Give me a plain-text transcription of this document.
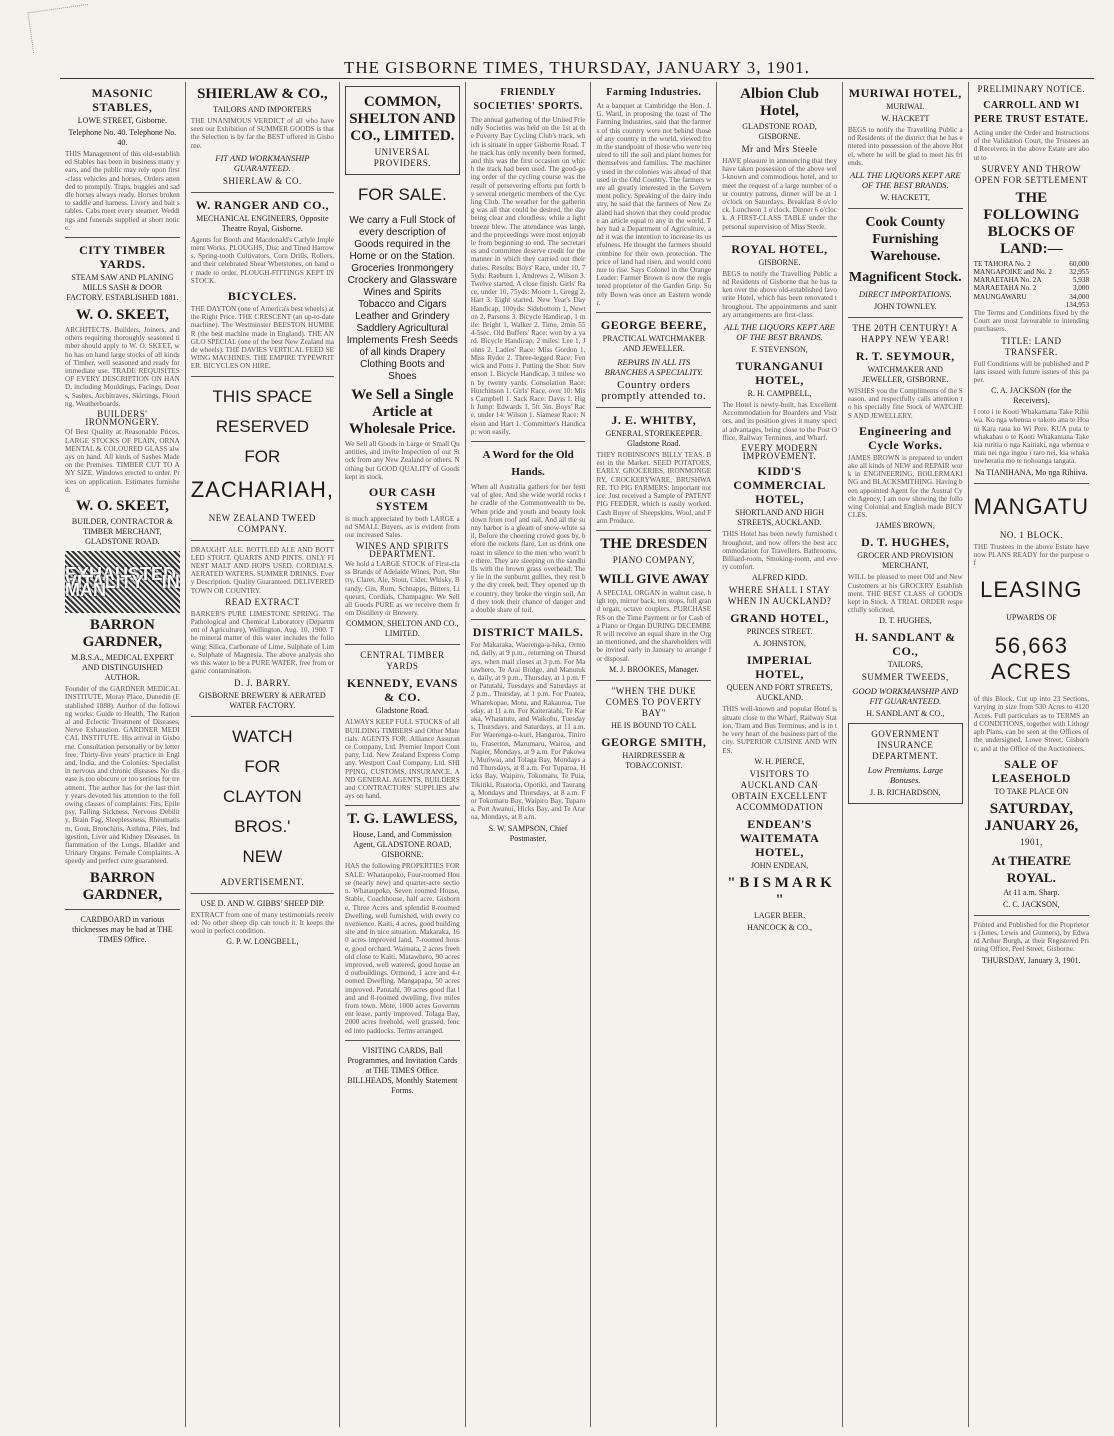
THE GISBORNE TIMES, THURSDAY, JANUARY 3, 1901.
MASONIC STABLES,
LOWE STREET, Gisborne.
Telephone No. 40. Telephone No. 40.
THIS Management of this old-established Stables has been in business many years, and the public may rely upon first-class vehicles and horses. Orders attended to promptly. Traps, buggies and saddle horses always ready. Horses broken to saddle and harness. Livery and bait stables. Cabs meet every steamer. Weddings and funerals supplied at short notice.
CITY TIMBER YARDS.
STEAM SAW AND PLANING MILLS SASH & DOOR FACTORY. ESTABLISHED 1881.
W. O. SKEET,
ARCHITECTS, Builders, Joiners, and others requiring thoroughly seasoned timber should apply to W. O. SKEET, who has on hand large stocks of all kinds of Timber, well seasoned and ready for immediate use. TRADE REQUISITES OF EVERY DESCRIPTION ON HAND, including Mouldings, Facings, Doors, Sashes, Architraves, Skirtings, Flooring, Weatherboards.
BUILDERS' IRONMONGERY.
Of Best Quality at Reasonable Prices. LARGE STOCKS OF PLAIN, ORNAMENTAL & COLOURED GLASS always on hand. All kinds of Sashes Made on the Premises. TIMBER CUT TO ANY SIZE. Windows erected to order. Prices on application. Estimates furnished.
W. O. SKEET,
BUILDER, CONTRACTOR & TIMBER MERCHANT, GLADSTONE ROAD.
EXHAUSTED VITALITY IN MAN
BARRON GARDNER,
M.B.S.A., MEDICAL EXPERT AND DISTINGUISHED AUTHOR.
Founder of the GARDNER MEDICAL INSTITUTE, Moray Place, Dunedin (Established 1888). Author of the following works: Guide to Health, The Rational and Eclectic Treatment of Diseases, Nerve Exhaustion. GARDNER MEDICAL INSTITUTE. His arrival in Gisborne. Consultation personally or by letter free. Thirty-five years' practice in England, India, and the Colonies. Specialist in nervous and chronic diseases. No disease is too obscure or too serious for treatment. The author has for the last thirty years devoted his attention to the following classes of complaints: Fits, Epilepsy, Falling Sickness, Nervous Debility, Brain Fag, Sleeplessness, Rheumatism, Gout, Bronchitis, Asthma, Piles, Indigestion, Liver and Kidney Diseases. Inflammation of the Lungs, Bladder and Urinary Organs. Female Complaints. A speedy and perfect cure guaranteed.
BARRON GARDNER,
CARDBOARD in various thicknesses may be had at THE TIMES Office.
SHIERLAW & CO.,
TAILORS AND IMPORTERS
THE UNANIMOUS VERDICT of all who have seen our Exhibition of SUMMER GOODS is that the Selection is by far the BEST offered in Gisborne.
FIT AND WORKMANSHIP GUARANTEED.
SHIERLAW & CO.
W. RANGER AND CO.,
MECHANICAL ENGINEERS, Opposite Theatre Royal, Gisborne.
Agents for Booth and Macdonald's Carlyle Implement Works. PLOUGHS, Disc and Tined Harrows, Spring-tooth Cultivators, Corn Drills, Rollers, and their celebrated Shear Whetstones, on hand or made to order. PLOUGH-FITTINGS KEPT IN STOCK.
BICYCLES.
THE DAYTON (one of America's best wheels) at the Right Price. THE CRESCENT (an up-to-date machine). The Westminster BEESTON HUMBER (the best machine made in England). THE ANGLO SPECIAL (one of the best New Zealand made wheels). THE DAVIES VERTICAL FEED SEWING MACHINES. THE EMPIRE TYPEWRITER. BICYCLES ON HIRE.
THIS SPACE
RESERVED
FOR
ZACHARIAH,
NEW ZEALAND TWEED COMPANY.
DRAUGHT ALE. BOTTLED ALE AND BOTTLED STOUT. QUARTS AND PINTS. ONLY FINEST MALT AND HOPS USED. CORDIALS. AERATED WATERS. SUMMER DRINKS. Every Description. Quality Guaranteed. DELIVERED TOWN OR COUNTRY.
READ EXTRACT
BARKER'S PURE LIMESTONE SPRING. The Pathological and Chemical Laboratory (Department of Agriculture), Wellington, Aug. 10, 1900. The mineral matter of this water includes the following: Silica, Carbonate of Lime, Sulphate of Lime, Sulphate of Magnesia. The above analysis shows this water to be a PURE WATER, free from organic contamination.
D. J. BARRY.
GISBORNE BREWERY & AERATED WATER FACTORY.
WATCH
FOR
CLAYTON
BROS.'
NEW
ADVERTISEMENT.
USE D. AND W. GIBBS' SHEEP DIP.
EXTRACT from one of many testimonials received: No other sheep dip can touch it. It keeps the wool in perfect condition.
G. P. W. LONGBELL,
COMMON, SHELTON AND CO., LIMITED.
UNIVERSAL PROVIDERS.
FOR SALE.
We carry a Full Stock of every description of Goods required in the Home or on the Station. Groceries Ironmongery Crockery and Glassware Wines and Spirits Tobacco and Cigars Leather and Grindery Saddlery Agricultural Implements Fresh Seeds of all kinds Drapery Clothing Boots and Shoes
We Sell a Single Article at Wholesale Price.
We Sell all Goods in Large or Small Quantities, and invite Inspection of our Stock from any New Zealand or others. Nothing but GOOD QUALITY of Goods kept in stock.
OUR CASH SYSTEM
is much appreciated by both LARGE and SMALL Buyers, as is evident from our increased Sales.
WINES AND SPIRITS DEPARTMENT.
We hold a LARGE STOCK of First-class Brands of Adelaide Wines, Port, Sherry, Claret, Ale, Stout, Cider, Whisky, Brandy, Gin, Rum, Schnapps, Bitters, Liqueurs, Cordials, Champagne. We Sell all Goods PURE as we receive them from Distillery or Brewery.
COMMON, SHELTON AND CO., LIMITED.
CENTRAL TIMBER YARDS
KENNEDY, EVANS & CO.
Gladstone Road.
ALWAYS KEEP FULL STOCKS of all BUILDING TIMBERS and Other Materials. AGENTS FOR: Alliance Assurance Company, Ltd. Premier Import Company, Ltd. New Zealand Express Company. Westport Coal Company, Ltd. SHIPPING, CUSTOMS, INSURANCE, AND GENERAL AGENTS. BUILDERS and CONTRACTORS' SUPPLIES always on hand.
T. G. LAWLESS,
House, Land, and Commission Agent, GLADSTONE ROAD, GISBORNE.
HAS the following PROPERTIES FOR SALE: Whataupoko, Four-roomed House (nearly new) and quarter-acre section. Whataupoko, Seven roomed House, Stable, Coachhouse, half acre. Gisborne, Three Acres and splendid 8-roomed Dwelling, well furnished, with every convenience. Kaiti, 4 acres, good building site and in nice situation. Makaraka, 160 acres improved land, 7-roomed house, good orchard. Waimata, 2 acres freehold close to Kaiti. Matawhero, 90 acres improved, well watered, good house and outbuildings. Ormond, 1 acre and 4-roomed Dwelling. Mangapapa, 50 acres improved. Patutahi, 30 acres good flat land and 8-roomed dwelling, five miles from town. Mote, 1000 acres Government lease, partly improved. Tolaga Bay, 2000 acres freehold, well grassed, fenced into paddocks. Terms arranged.
VISITING CARDS, Ball Programmes, and Invitation Cards at THE TIMES Office. BILLHEADS, Monthly Statement Forms.
FRIENDLY SOCIETIES' SPORTS.
The annual gathering of the United Friendly Societies was held on the 1st at the Poverty Bay Cycling Club's track, which is situate in upper Gisborne Road. The track has only recently been formed, and this was the first occasion on which the track had been used. The good-going order of the cycling course was the result of persevering efforts put forth by several energetic members of the Cycling Club. The weather for the gathering was all that could be desired, the day being clear and cloudless, while a light breeze blew. The attendance was large, and the proceedings were most enjoyable from beginning to end. The secretaries and committee deserve credit for the manner in which they carried out their duties. Results: Boys' Race, under 10, 75yds: Raeburn 1, Andrews 2, Wilson 3. Twelve started. A close finish. Girls' Race, under 10, 75yds: Moore 1, Gregg 2, Hart 3. Eight started. New Year's Day Handicap, 100yds: Sidebottom 1, Newton 2, Parsons 3. Bicycle Handicap, 1 mile: Bright 1, Walker 2. Time, 2min 55 4-5sec. Old Buffers' Race: won by a yard. Bicycle Handicap, 2 miles: Lee 1, Johns 2. Ladies' Race: Miss Gordon 1, Miss Ryder 2. Three-legged Race: Fenwick and Potts 1. Putting the Shot: Stevenson 1. Bicycle Handicap, 3 miles: won by twenty yards. Consolation Race: Hutchinson 1. Girls' Race, over 10: Miss Campbell 1. Sack Race: Davis 1. High Jump: Edwards 1, 5ft 3in. Boys' Race, under 14: Wilson 1. Siamese Race: Nelson and Hart 1. Committee's Handicap: won easily.
A Word for the Old Hands.
When all Australia gathers for her festival of glee, And she wide world rocks the cradle of the Commonwealth to be, When pride and youth and beauty look down from roof and rail, And all the sunny harbor is a gleam of snow-white sail, Before the cheering crowd goes by, before the rockets flare, Let us drink one toast in silence to the men who won't be there. They are sleeping on the sandhills with the brown grass overhead; They lie in the sunburnt gullies, they rest by the dry creek bed; They opened up the country, they broke the virgin soil, And they took their chance of danger and a double share of toil.
DISTRICT MAILS.
For Makaraka, Waerenga-a-hika, Ormond, daily, at 9 p.m., returning on Thursdays, when mail closes at 3 p.m. For Matawhero, Te Arai Bridge, and Manutuke, daily, at 9 p.m., Thursday, at 1 p.m. For Patutahi, Tuesdays and Saturdays at 2 p.m., Thursday, at 1 p.m. For Puatea, Wharekopae, Motu, and Rakauroa, Tuesday, at 11 a.m. For Kaiteratahi, Te Karaka, Whatatutu, and Waikohu, Tuesdays, Thursdays, and Saturdays, at 11 a.m. For Waerenga-o-kuri, Hangaroa, Tiniroto, Fraserton, Marumaru, Wairoa, and Napier, Mondays, at 9 a.m. For Pakowai, Muriwai, and Tolaga Bay, Mondays and Thursdays, at 8 a.m. For Tuparoa, Hicks Bay, Waipiro, Tokomaru, Te Puia, Tikitiki, Ruatoria, Opotiki, and Tauranga, Mondays and Thursdays, at 8 a.m. For Tokomaru Bay, Waipiro Bay, Tuparoa, Port Awanui, Hicks Bay, and Te Araroa, Mondays, at 8 a.m.
S. W. SAMPSON, Chief Postmaster.
Farming Industries.
At a banquet at Cambridge the Hon. J. G. Ward, in proposing the toast of The Farming Industries, said that the farmers of this country were not behind those of any country in the world, viewed from the standpoint of those who were required to till the soil and plant homes for themselves and families. The machinery used in the colonies was ahead of that used in the Old Country. The farmers were all greatly interested in the Government policy. Speaking of the dairy industry, he said that the farmers of New Zealand had shown that they could produce an article equal to any in the world. They had a Department of Agriculture, and it was the intention to increase its usefulness. He thought the farmers should combine for their own protection. The price of land had risen, and would continue to rise. Says Colonel in the Orange Leader: Farmer Brown is now the registered proprietor of the Garden Grip. Surely Bown was once an Eastern wonder.
GEORGE BEERE,
PRACTICAL WATCHMAKER AND JEWELLER.
REPAIRS IN ALL ITS BRANCHES A SPECIALITY.
Country orders promptly attended to.
J. E. WHITBY,
GENERAL STOREKEEPER. Gladstone Road.
THEY ROBINSON'S BILLY TEAS. Best in the Market. SEED POTATOES, EARLY. GROCERIES, IRONMONGERY, CROCKERYWARE, BRUSHWARE. TO PIG FARMERS: Important notice. Just received a Sample of PATENT PIG FEEDER, which is easily worked. Cash Buyer of Sheepskins, Wool, and Farm Produce.
THE DRESDEN
PIANO COMPANY,
WILL GIVE AWAY
A SPECIAL ORGAN in walnut case, high top, mirror back, ten stops, full grand organ, octave couplers. PURCHASERS on the Time Payment or for Cash of a Piano or Organ DURING DECEMBER will receive an equal share in the Organ mentioned, and the shareholders will be invited early in January to arrange for disposal.
M. J. BROOKES, Manager.
"WHEN THE DUKE COMES TO POVERTY BAY"
HE IS BOUND TO CALL
GEORGE SMITH,
HAIRDRESSER & TOBACCONIST.
Albion Club Hotel,
GLADSTONE ROAD, GISBORNE.
Mr and Mrs Steele
HAVE pleasure in announcing that they have taken possession of the above well-known and commodious hotel, and to meet the request of a large number of our country patrons, dinner will be at 1 o'clock on Saturdays. Breakfast 8 o'clock. Luncheon 1 o'clock. Dinner 6 o'clock. A FIRST-CLASS TABLE under the personal supervision of Miss Steele.
ROYAL HOTEL,
GISBORNE.
BEGS to notify the Travelling Public and Residents of Gisborne that he has taken over the above old-established favourite Hotel, which has been renovated throughout. The appointments and sanitary arrangements are first-class.
ALL THE LIQUORS KEPT ARE OF THE BEST BRANDS.
F. STEVENSON,
TURANGANUI HOTEL,
R. H. CAMPBELL,
The Hotel is newly-built, has Excellent Accommodation for Boarders and Visitors, and its position gives it many special advantages, being close to the Post Office, Railway Terminus, and Wharf.
EVERY MODERN IMPROVEMENT.
KIDD'S COMMERCIAL HOTEL,
SHORTLAND AND HIGH STREETS, AUCKLAND.
THIS Hotel has been newly furnished throughout, and now offers the best accommodation for Travellers. Bathrooms, Billiard-room, Smoking-room, and every comfort.
ALFRED KIDD.
WHERE SHALL I STAY WHEN IN AUCKLAND?
GRAND HOTEL,
PRINCES STREET.
A. JOHNSTON,
IMPERIAL HOTEL,
QUEEN AND FORT STREETS, AUCKLAND.
THIS well-known and popular Hotel is situate close to the Wharf, Railway Station, Tram and Bus Terminus, and is in the very heart of the business part of the city. SUPERIOR CUISINE AND WINES.
W. H. PIERCE,
VISITORS TO AUCKLAND CAN OBTAIN EXCELLENT ACCOMMODATION
ENDEAN'S WAITEMATA HOTEL,
JOHN ENDEAN,
" B I S M A R K "
LAGER BEER.
HANCOCK & CO.,
MURIWAI HOTEL,
MURIWAI.
W. HACKETT
BEGS to notify the Travelling Public and Residents of the district that he has entered into possession of the above Hotel, where he will be glad to meet his friends.
ALL THE LIQUORS KEPT ARE OF THE BEST BRANDS.
W. HACKETT,
Cook County Furnishing Warehouse.
Magnificent Stock.
DIRECT IMPORTATIONS.
JOHN TOWNLEY.
THE 20TH CENTURY! A HAPPY NEW YEAR!
R. T. SEYMOUR,
WATCHMAKER AND JEWELLER, GISBORNE.
WISHES you the Compliments of the Season, and respectfully calls attention to his specially fine Stock of WATCHES AND JEWELLERY.
Engineering and Cycle Works.
JAMES BROWN is prepared to undertake all kinds of NEW and REPAIR work in ENGINEERING, BOILERMAKING and BLACKSMITHING. Having been appointed Agent for the Austral Cycle Agency, I am now showing the following Colonial and English made BICYCLES.
JAMES BROWN,
D. T. HUGHES,
GROCER AND PROVISION MERCHANT,
WILL be pleased to meet Old and New Customers at his GROCERY Establishment. THE BEST CLASS of GOODS kept in Stock. A TRIAL ORDER respectfully solicited.
D. T. HUGHES,
H. SANDLANT & CO.,
TAILORS,
SUMMER TWEEDS,
GOOD WORKMANSHIP AND FIT GUARANTEED.
H. SANDLANT & CO.,
GOVERNMENT INSURANCE DEPARTMENT.
Low Premiums. Large Bonuses.
J. B. RICHARDSON,
PRELIMINARY NOTICE.
CARROLL AND WI PERE TRUST ESTATE.
Acting under the Order and Instructions of the Validation Court, the Trustees and Receivers in the above Estate are about to
SURVEY AND THROW OPEN FOR SETTLEMENT
THE FOLLOWING BLOCKS OF LAND:—
TE TAHORA No. 2	60,000
MANGAPOIKE and No. 2 32,955
MARAETAHA No. 2A	5,938
MARAETAHA No. 2	3,000
MAUNGAWARU	34,000
134,953
The Terms and Conditions fixed by the Court are most favourable to intending purchasers.
TITLE: LAND TRANSFER.
Full Conditions will be published and Plans issued with future issues of this paper.
C. A. JACKSON (for the Receivers).
I roto i te Kooti Whakamana Take Rihiiwa. Ko nga whenua e takoto ana te Hoani Kara raua ko Wi Pere. KUA puta te whakahau o te Kooti Whakamana Take kia ruritia o nga Kaitiaki, nga whenua e mau nei nga ingoa i raro nei, kia whakatuwheratia mo te nohoanga tangata.
Na TIANIHANA, Mo nga Rihiiva.
MANGATU
NO. 1 BLOCK.
THE Trustees in the above Estate have now PLANS READY for the purpose of
LEASING
UPWARDS OF
56,663 ACRES
of this Block. Cut up into 23 Sections, varying in size from 530 Acres to 4120 Acres. Full particulars as to TERMS and CONDITIONS, together with Lithograph Plans, can be seen at the Offices of the undersigned, Lowe Street, Gisborne, and at the Office of the Auctioneers.
SALE OF LEASEHOLD
TO TAKE PLACE ON
SATURDAY, JANUARY 26,
1901,
At THEATRE ROYAL.
At 11 a.m. Sharp.
C. C. JACKSON,
Printed and Published for the Proprietors (Jones, Lewis and Gunners), by Edward Arthur Burgh, at their Registered Printing Office, Peel Street, Gisborne.
THURSDAY, January 3, 1901.
